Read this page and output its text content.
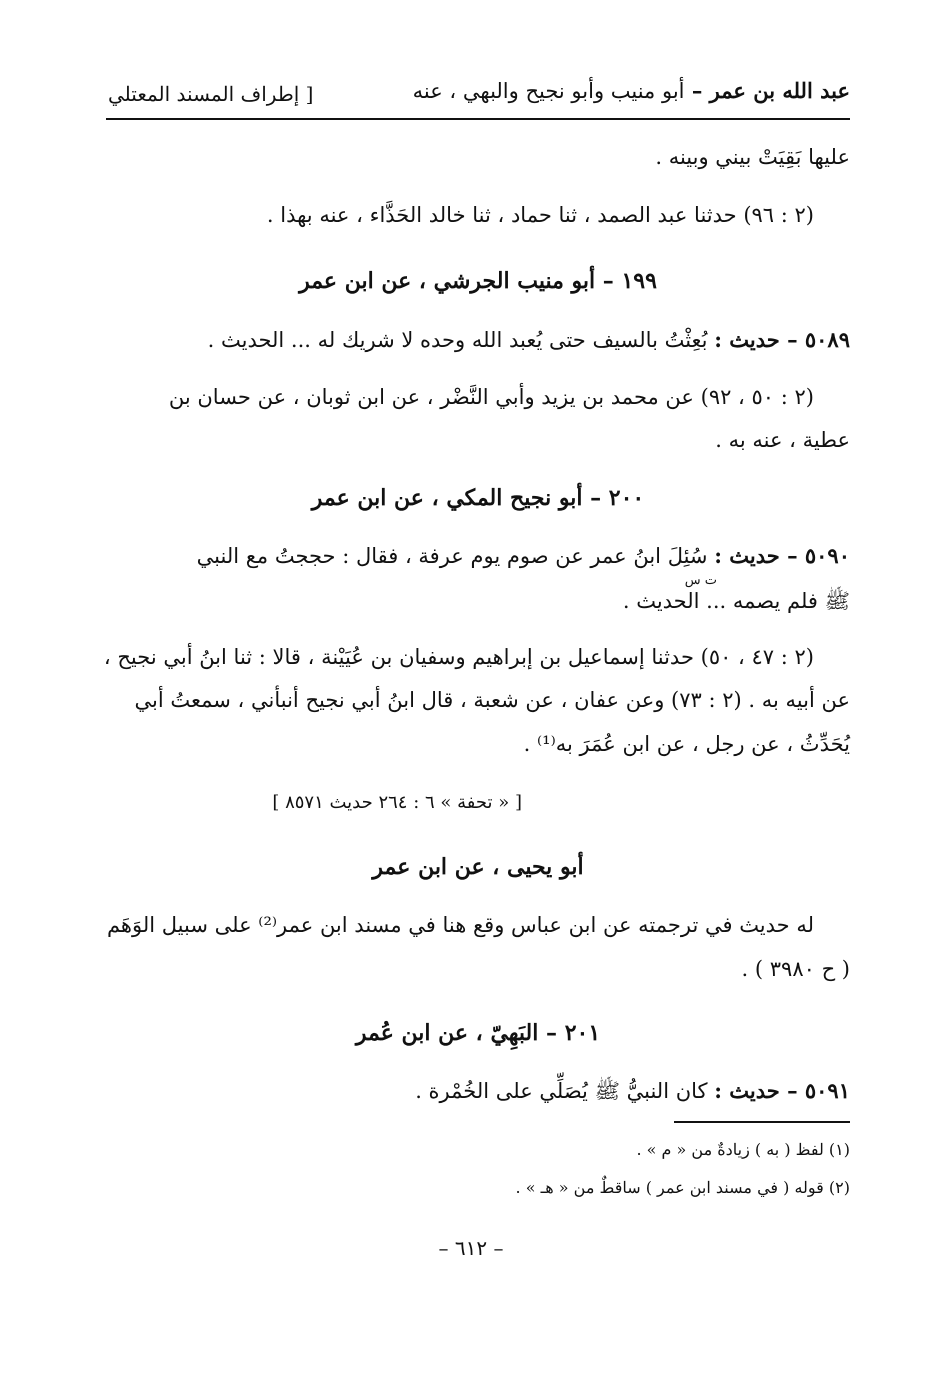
عبد الله بن عمر – أبو منيب وأبو نجيح والبهي ، عنه
[ إطراف المسند المعتلي
عليها بَقِيَتْ بيني وبينه .
(٢ : ٩٦) حدثنا عبد الصمد ، ثنا حماد ، ثنا خالد الحَذَّاء ، عنه بهذا .
١٩٩ – أبو منيب الجرشي ، عن ابن عمر
٥٠٨٩ – حديث : بُعِثْتُ بالسيف حتى يُعبد الله وحده لا شريك له ... الحديث .
(٢ : ٥٠ ، ٩٢) عن محمد بن يزيد وأبي النَّضْر ، عن ابن ثوبان ، عن حسان بن
عطية ، عنه به .
٢٠٠ – أبو نجيح المكي ، عن ابن عمر
٥٠٩٠ – حديث : سُئِلَ ابنُ عمر عن صوم يوم عرفة ، فقال : حججتُ مع النبي
ت س
ﷺ فلم يصمه ... الحديث .
(٢ : ٤٧ ، ٥٠) حدثنا إسماعيل بن إبراهيم وسفيان بن عُيَيْنة ، قالا : ثنا ابنُ أبي نجيح ،
عن أبيه به . (٢ : ٧٣) وعن عفان ، عن شعبة ، قال ابنُ أبي نجيح أنبأني ، سمعتُ أبي
يُحَدِّثُ ، عن رجل ، عن ابن عُمَرَ به⁽¹⁾ .
[ « تحفة » ٦ : ٢٦٤ حديث ٨٥٧١ ]
أبو يحيى ، عن ابن عمر
له حديث في ترجمته عن ابن عباس وقع هنا في مسند ابن عمر⁽²⁾ على سبيل الوَهَم
( ح ٣٩٨٠ ) .
٢٠١ – البَهِيّ ، عن ابن عُمر
٥٠٩١ – حديث : كان النبيُّ ﷺ يُصَلِّي على الخُمْرة .
(١) لفظ ( به ) زيادةٌ من « م » .
(٢) قوله ( في مسند ابن عمر ) ساقطٌ من « هـ » .
– ٦١٢ –
